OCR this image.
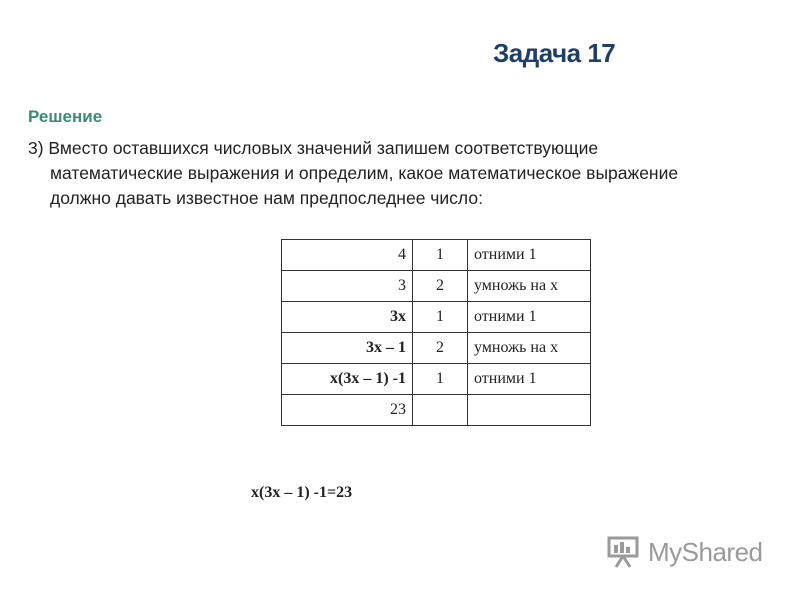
Задача 17
Решение
3) Вместо оставшихся числовых значений запишем соответствующие
математические выражения и определим, какое математическое выражение
должно давать известное нам предпоследнее число:
4	1	отними 1
3	2	умножь на x
3x	1	отними 1
3x – 1	2	умножь на x
x(3x – 1) -1	1	отними 1
23		
x(3x – 1) -1=23
MyShared
